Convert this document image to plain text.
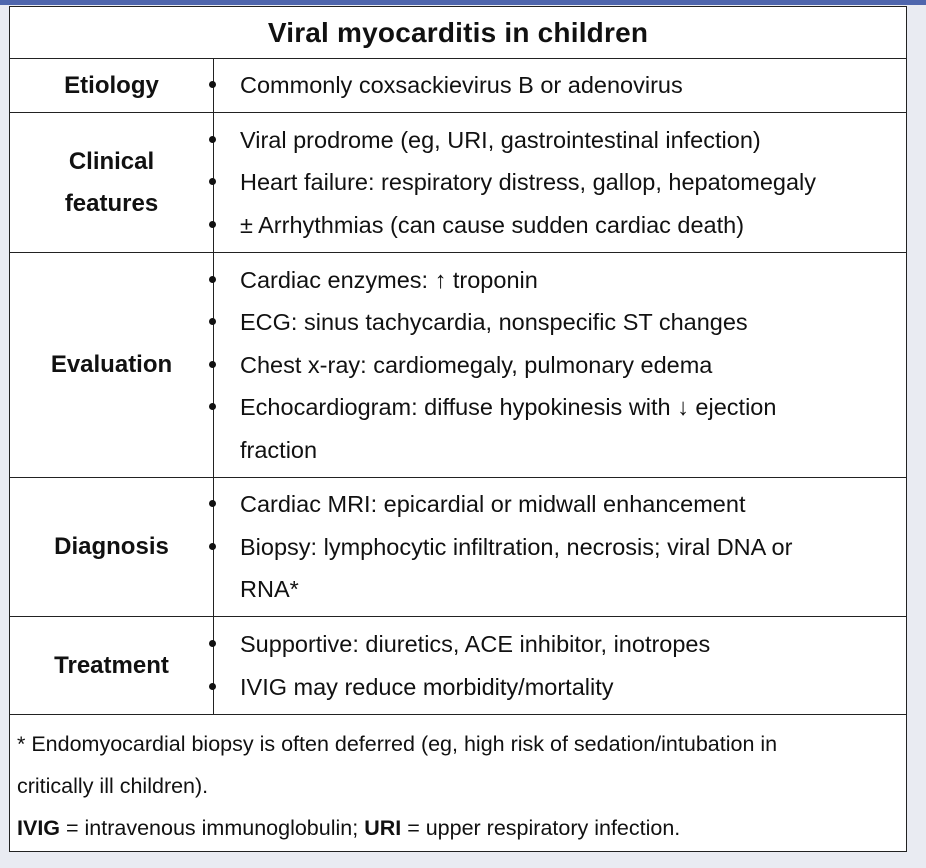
Viral myocarditis in children
Etiology	Commonly coxsackievirus B or adenovirus
Clinical
features
Viral prodrome (eg, URI, gastrointestinal infection)
Heart failure: respiratory distress, gallop, hepatomegaly
± Arrhythmias (can cause sudden cardiac death)
Evaluation
Cardiac enzymes: ↑ troponin
ECG: sinus tachycardia, nonspecific ST changes
Chest x-ray: cardiomegaly, pulmonary edema
Echocardiogram: diffuse hypokinesis with ↓ ejection
fraction
Diagnosis
Cardiac MRI: epicardial or midwall enhancement
Biopsy: lymphocytic infiltration, necrosis; viral DNA or
RNA*
Treatment
Supportive: diuretics, ACE inhibitor, inotropes
IVIG may reduce morbidity/mortality
* Endomyocardial biopsy is often deferred (eg, high risk of sedation/intubation in
critically ill children).
IVIG = intravenous immunoglobulin; URI = upper respiratory infection.
